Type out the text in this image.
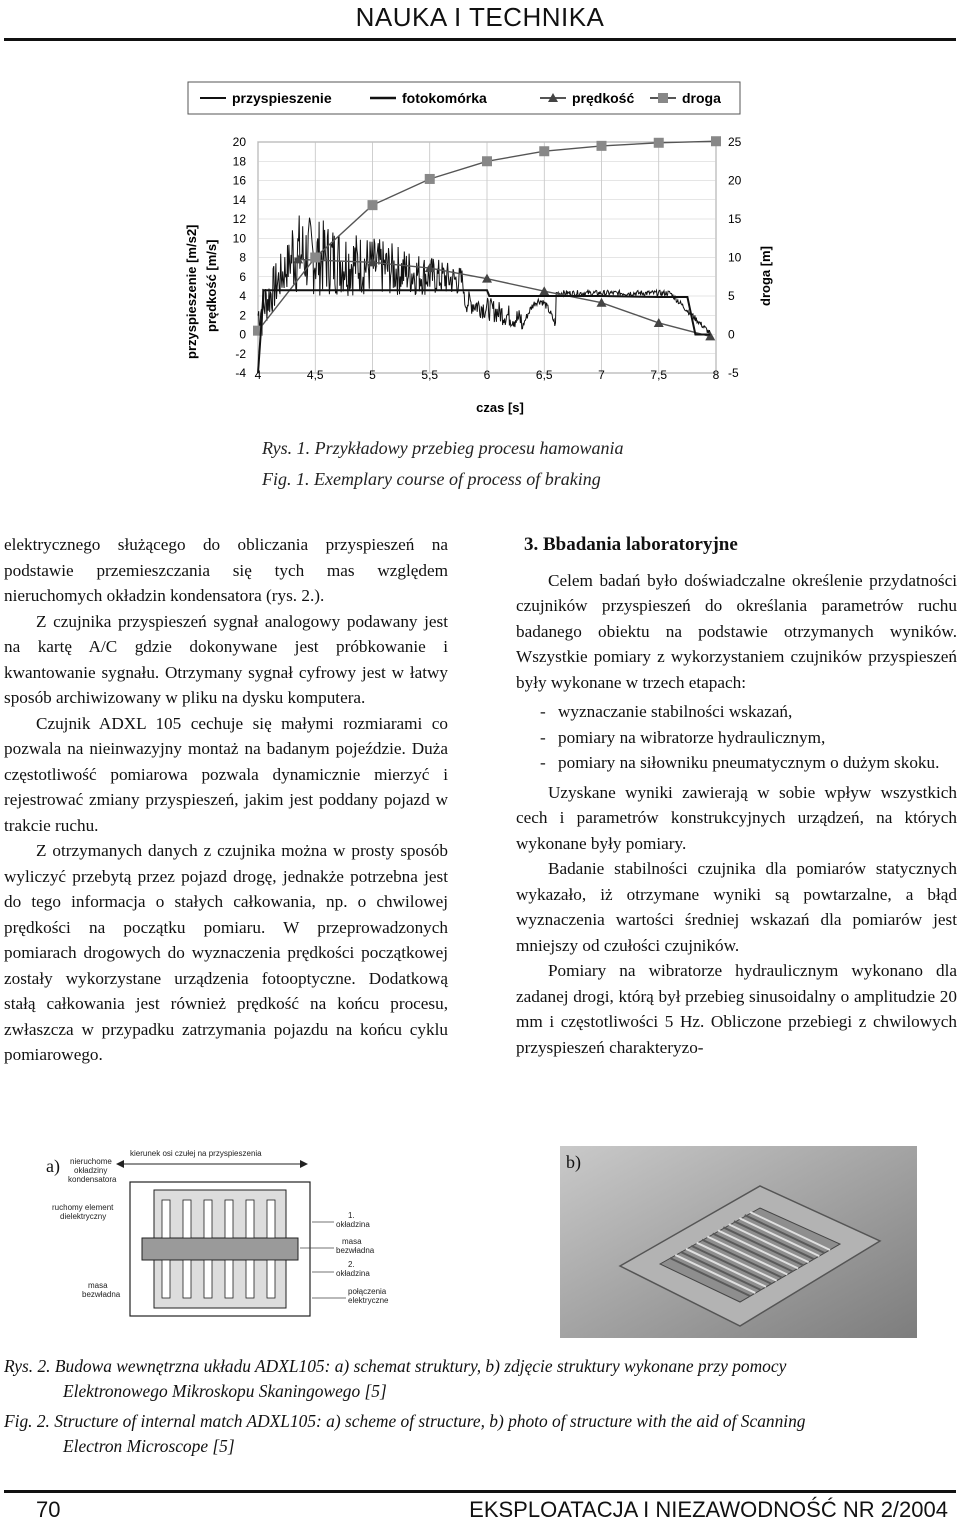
NAUKA I TECHNIKA
przyspieszenie	fotokomórka	prędkość	droga
4	4,5	5	5,5	6	6,5	7	7,5	8
20
18
16
14
12
10
8
6
4
2
0
-2
-4
25
20
15
10
5
0
-5
przyspieszenie [m/s2] prędkość [m/s]	droga [m]
czas [s]
Rys. 1. Przykładowy przebieg procesu hamowania
Fig. 1. Exemplary course of process of braking

elektrycznego służącego do obliczania przyspieszeń na podstawie przemieszczania się tych mas względem nieruchomych okładzin kondensatora (rys. 2.).

Z czujnika przyspieszeń sygnał analogowy podawany jest na kartę A/C gdzie dokonywane jest próbkowanie i kwantowanie sygnału. Otrzymany sygnał cyfrowy jest w łatwy sposób archiwizowany w pliku na dysku komputera.

Czujnik ADXL 105 cechuje się małymi rozmiarami co pozwala na nieinwazyjny montaż na badanym pojeździe. Duża częstotliwość pomiarowa pozwala dynamicznie mierzyć i rejestrować zmiany przyspieszeń, jakim jest poddany pojazd w trakcie ruchu.

Z otrzymanych danych z czujnika można w prosty sposób wyliczyć przebytą przez pojazd drogę, jednakże potrzebna jest do tego informacja o stałych całkowania, np. o chwilowej prędkości na początku pomiaru. W przeprowadzonych pomiarach drogowych do wyznaczenia prędkości początkowej zostały wykorzystane urządzenia fotooptyczne. Dodatkową stałą całkowania jest również prędkość na końcu procesu, zwłaszcza w przypadku zatrzymania pojazdu na końcu cyklu pomiarowego.

3. Bbadania laboratoryjne

Celem badań było doświadczalne określenie przydatności czujników przyspieszeń do określania parametrów ruchu badanego obiektu na podstawie otrzymanych wyników. Wszystkie pomiary z wykorzystaniem czujników przyspieszeń były wykonane w trzech etapach:

- wyznaczanie stabilności wskazań,
- pomiary na wibratorze hydraulicznym,
- pomiary na siłowniku pneumatycznym o dużym skoku.

Uzyskane wyniki zawierają w sobie wpływ wszystkich cech i parametrów konstrukcyjnych urządzeń, na których wykonane były pomiary.

Badanie stabilności czujnika dla pomiarów statycznych wykazało, iż otrzymane wyniki są powtarzalne, a błąd wyznaczenia wartości średniej wskazań dla pomiarów jest mniejszy od czułości czujników.

Pomiary na wibratorze hydraulicznym wykonano dla zadanej drogi, którą był przebieg sinusoidalny o amplitudzie 20 mm i częstotliwości 5 Hz. Obliczone przebiegi z chwilowych przyspieszeń charakteryzo-

a)
kierunek osi czułej na przyspieszenia
nieruchome
okładziny
kondensatora
ruchomy element
dielektryczny
masa
bezwładna
1.
okładzina
masa
bezwładna
2.
okładzina
połączenia
elektryczne
b)
Rys. 2. Budowa wewnętrzna układu ADXL105: a) schemat struktury, b) zdjęcie struktury wykonane przy pomocy
Elektronowego Mikroskopu Skaningowego [5]
Fig. 2. Structure of internal match ADXL105: a) scheme of structure, b) photo of structure with the aid of Scanning
Electron Microscope [5]
70	EKSPLOATACJA I NIEZAWODNOŚĆ NR 2/2004
